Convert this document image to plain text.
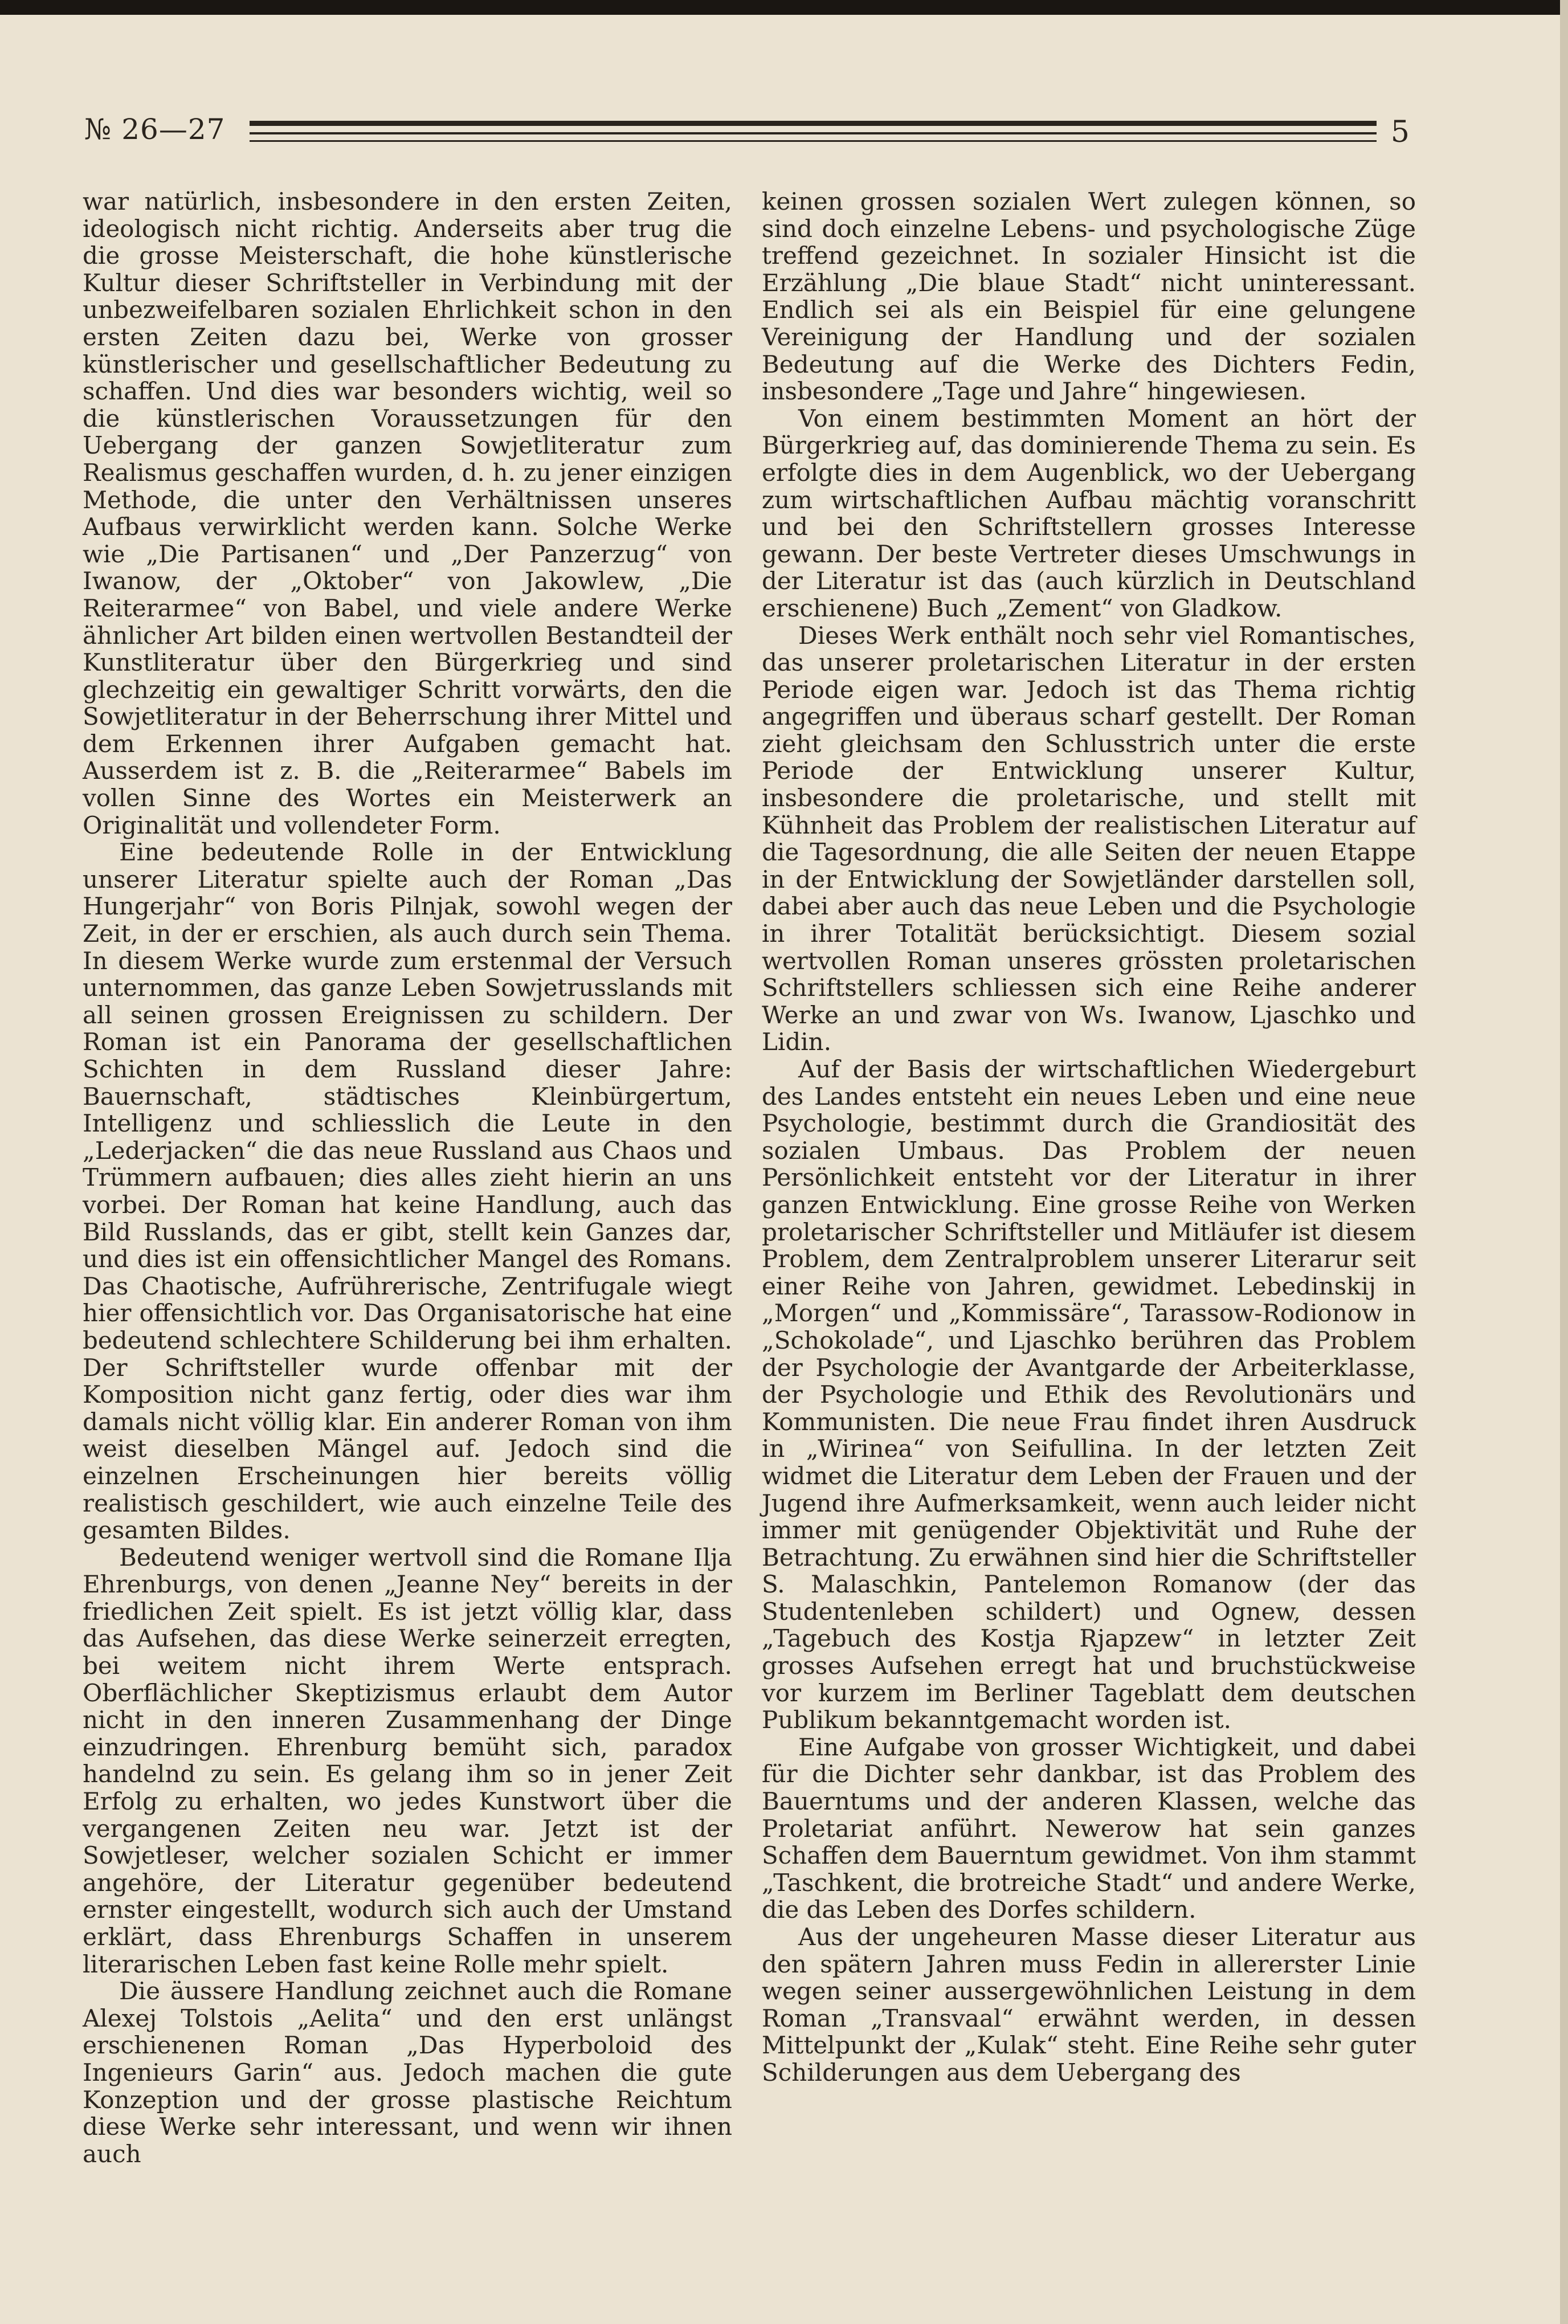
№ 26—27	5

war natürlich, insbesondere in den ersten Zeiten, ideologisch nicht richtig. Anderseits aber trug die die grosse Meisterschaft, die hohe künstlerische Kultur dieser Schriftsteller in Verbindung mit der unbezweifelbaren sozialen Ehrlichkeit schon in den ersten Zeiten dazu bei, Werke von grosser künstlerischer und gesellschaftlicher Bedeutung zu schaffen. Und dies war besonders wichtig, weil so die künstlerischen Voraussetzungen für den Uebergang der ganzen Sowjetliteratur zum Realismus geschaffen wurden, d. h. zu jener einzigen Methode, die unter den Verhältnissen unseres Aufbaus verwirklicht werden kann. Solche Werke wie „Die Partisanen“ und „Der Panzerzug“ von Iwanow, der „Oktober“ von Jakowlew, „Die Reiterarmee“ von Babel, und viele andere Werke ähnlicher Art bilden einen wertvollen Bestandteil der Kunstliteratur über den Bürgerkrieg und sind glechzeitig ein gewaltiger Schritt vorwärts, den die Sowjetliteratur in der Beherrschung ihrer Mittel und dem Erkennen ihrer Aufgaben gemacht hat. Ausserdem ist z. B. die „Reiterarmee“ Babels im vollen Sinne des Wortes ein Meisterwerk an Originalität und vollendeter Form.

Eine bedeutende Rolle in der Entwicklung unserer Literatur spielte auch der Roman „Das Hungerjahr“ von Boris Pilnjak, sowohl wegen der Zeit, in der er erschien, als auch durch sein Thema. In diesem Werke wurde zum erstenmal der Versuch unternommen, das ganze Leben Sowjetrusslands mit all seinen grossen Ereignissen zu schildern. Der Roman ist ein Panorama der gesellschaftlichen Schichten in dem Russland dieser Jahre: Bauernschaft, städtisches Kleinbürgertum, Intelligenz und schliesslich die Leute in den „Lederjacken“ die das neue Russland aus Chaos und Trümmern aufbauen; dies alles zieht hierin an uns vorbei. Der Roman hat keine Handlung, auch das Bild Russlands, das er gibt, stellt kein Ganzes dar, und dies ist ein offensichtlicher Mangel des Romans. Das Chaotische, Aufrührerische, Zentrifugale wiegt hier offensichtlich vor. Das Organisatorische hat eine bedeutend schlechtere Schilderung bei ihm erhalten. Der Schriftsteller wurde offenbar mit der Komposition nicht ganz fertig, oder dies war ihm damals nicht völlig klar. Ein anderer Roman von ihm weist dieselben Mängel auf. Jedoch sind die einzelnen Erscheinungen hier bereits völlig realistisch geschildert, wie auch einzelne Teile des gesamten Bildes.

Bedeutend weniger wertvoll sind die Romane Ilja Ehrenburgs, von denen „Jeanne Ney“ bereits in der friedlichen Zeit spielt. Es ist jetzt völlig klar, dass das Aufsehen, das diese Werke seinerzeit erregten, bei weitem nicht ihrem Werte entsprach. Oberflächlicher Skeptizismus erlaubt dem Autor nicht in den inneren Zusammenhang der Dinge einzudringen. Ehrenburg bemüht sich, paradox handelnd zu sein. Es gelang ihm so in jener Zeit Erfolg zu erhalten, wo jedes Kunstwort über die vergangenen Zeiten neu war. Jetzt ist der Sowjetleser, welcher sozialen Schicht er immer angehöre, der Literatur gegenüber bedeutend ernster eingestellt, wodurch sich auch der Umstand erklärt, dass Ehrenburgs Schaffen in unserem literarischen Leben fast keine Rolle mehr spielt.

Die äussere Handlung zeichnet auch die Romane Alexej Tolstois „Aelita“ und den erst unlängst erschienenen Roman „Das Hyperboloid des Ingenieurs Garin“ aus. Jedoch machen die gute Konzeption und der grosse plastische Reichtum diese Werke sehr interessant, und wenn wir ihnen auch

keinen grossen sozialen Wert zulegen können, so sind doch einzelne Lebens- und psychologische Züge treffend gezeichnet. In sozialer Hinsicht ist die Erzählung „Die blaue Stadt“ nicht uninteressant. Endlich sei als ein Beispiel für eine gelungene Vereinigung der Handlung und der sozialen Bedeutung auf die Werke des Dichters Fedin, insbesondere „Tage und Jahre“ hingewiesen.

Von einem bestimmten Moment an hört der Bürgerkrieg auf, das dominierende Thema zu sein. Es erfolgte dies in dem Augenblick, wo der Uebergang zum wirtschaftlichen Aufbau mächtig voranschritt und bei den Schriftstellern grosses Interesse gewann. Der beste Vertreter dieses Umschwungs in der Literatur ist das (auch kürzlich in Deutschland erschienene) Buch „Zement“ von Gladkow.

Dieses Werk enthält noch sehr viel Romantisches, das unserer proletarischen Literatur in der ersten Periode eigen war. Jedoch ist das Thema richtig angegriffen und überaus scharf gestellt. Der Roman zieht gleichsam den Schlusstrich unter die erste Periode der Entwicklung unserer Kultur, insbesondere die proletarische, und stellt mit Kühnheit das Problem der realistischen Literatur auf die Tagesordnung, die alle Seiten der neuen Etappe in der Entwicklung der Sowjetländer darstellen soll, dabei aber auch das neue Leben und die Psychologie in ihrer Totalität berücksichtigt. Diesem sozial wertvollen Roman unseres grössten proletarischen Schriftstellers schliessen sich eine Reihe anderer Werke an und zwar von Ws. Iwanow, Ljaschko und Lidin.

Auf der Basis der wirtschaftlichen Wiedergeburt des Landes entsteht ein neues Leben und eine neue Psychologie, bestimmt durch die Grandiosität des sozialen Umbaus. Das Problem der neuen Persönlichkeit entsteht vor der Literatur in ihrer ganzen Entwicklung. Eine grosse Reihe von Werken proletarischer Schriftsteller und Mitläufer ist diesem Problem, dem Zentralproblem unserer Literarur seit einer Reihe von Jahren, gewidmet. Lebedinskij in „Morgen“ und „Kommissäre“, Tarassow-Rodionow in „Schokolade“, und Ljaschko berühren das Problem der Psychologie der Avantgarde der Arbeiterklasse, der Psychologie und Ethik des Revolutionärs und Kommunisten. Die neue Frau findet ihren Ausdruck in „Wirinea“ von Seifullina. In der letzten Zeit widmet die Literatur dem Leben der Frauen und der Jugend ihre Aufmerksamkeit, wenn auch leider nicht immer mit genügender Objektivität und Ruhe der Betrachtung. Zu erwähnen sind hier die Schriftsteller S. Malaschkin, Pantelemon Romanow (der das Studentenleben schildert) und Ognew, dessen „Tagebuch des Kostja Rjapzew“ in letzter Zeit grosses Aufsehen erregt hat und bruchstückweise vor kurzem im Berliner Tageblatt dem deutschen Publikum bekanntgemacht worden ist.

Eine Aufgabe von grosser Wichtigkeit, und dabei für die Dichter sehr dankbar, ist das Problem des Bauerntums und der anderen Klassen, welche das Proletariat anführt. Newerow hat sein ganzes Schaffen dem Bauerntum gewidmet. Von ihm stammt „Taschkent, die brotreiche Stadt“ und andere Werke, die das Leben des Dorfes schildern.

Aus der ungeheuren Masse dieser Literatur aus den spätern Jahren muss Fedin in allererster Linie wegen seiner aussergewöhnlichen Leistung in dem Roman „Transvaal“ erwähnt werden, in dessen Mittelpunkt der „Kulak“ steht. Eine Reihe sehr guter Schilderungen aus dem Uebergang des
